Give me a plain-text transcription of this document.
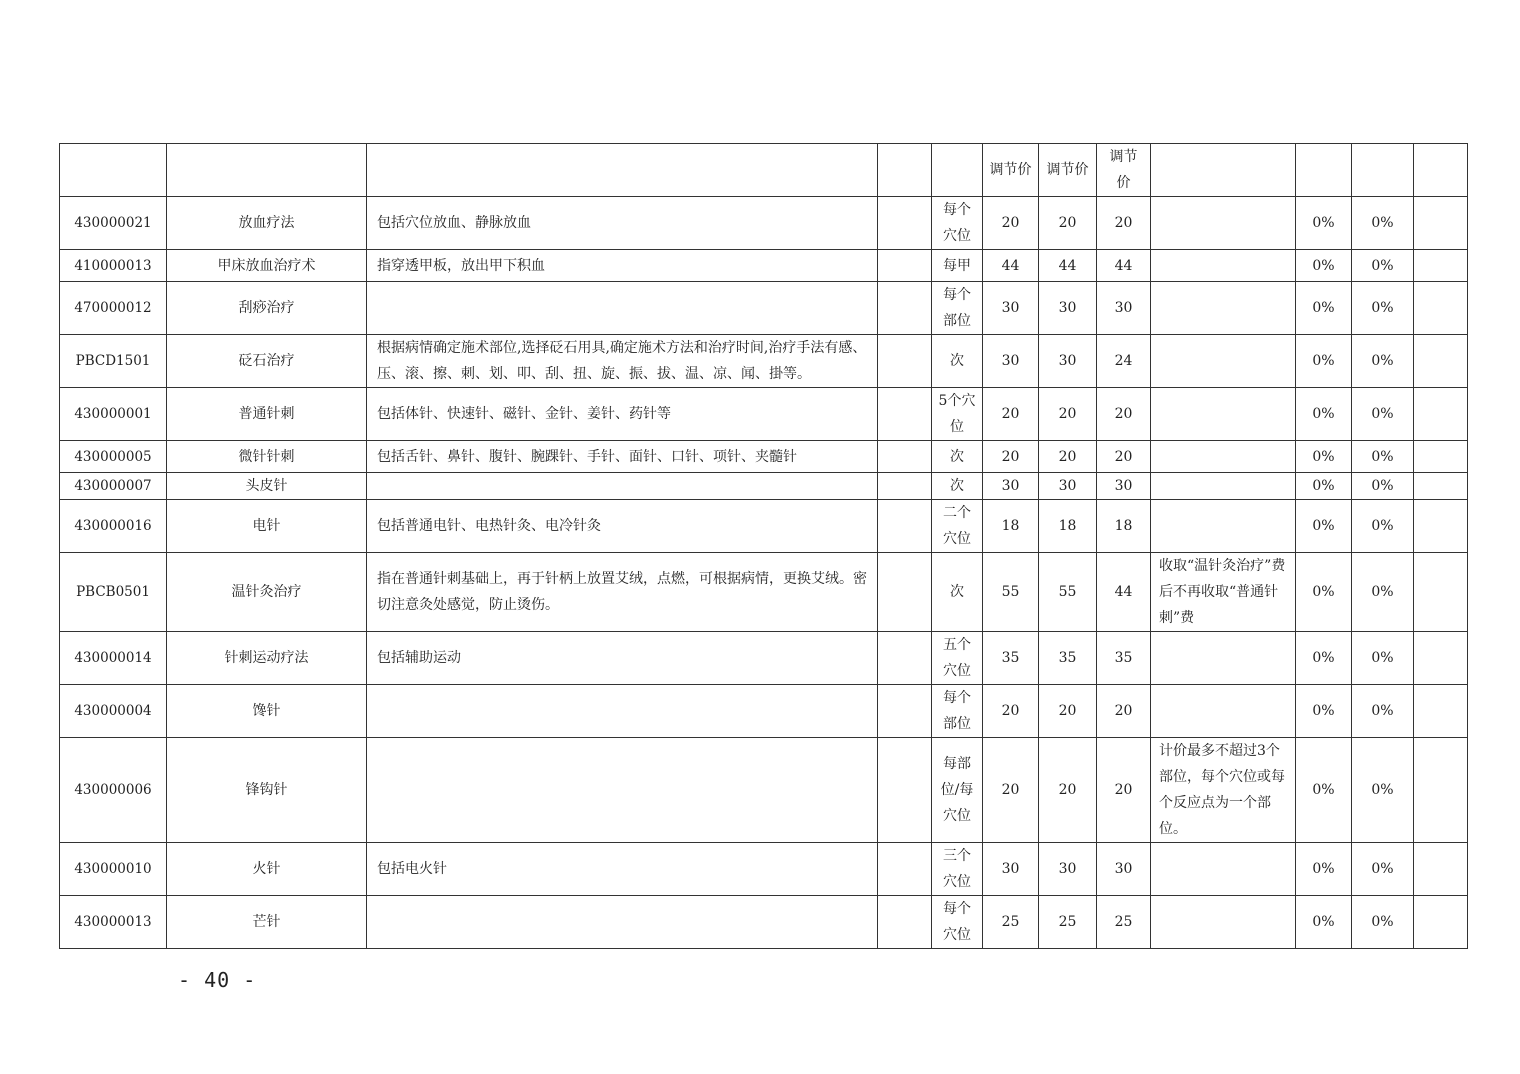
					调节价	调节价	调节价				
430000021	放血疗法	包括穴位放血、静脉放血		每个穴位	20	20	20		0%	0%	
410000013	甲床放血治疗术	指穿透甲板，放出甲下积血		每甲	44	44	44		0%	0%	
470000012	刮痧治疗			每个部位	30	30	30		0%	0%	
PBCD1501	砭石治疗	根据病情确定施术部位,选择砭石用具,确定施术方法和治疗时间,治疗手法有感、压、滚、擦、刺、划、叩、刮、扭、旋、振、拔、温、凉、闻、掛等。		次	30	30	24		0%	0%	
430000001	普通针刺	包括体针、快速针、磁针、金针、姜针、药针等		5个穴位	20	20	20		0%	0%	
430000005	微针针刺	包括舌针、鼻针、腹针、腕踝针、手针、面针、口针、项针、夹髓针		次	20	20	20		0%	0%	
430000007	头皮针			次	30	30	30		0%	0%	
430000016	电针	包括普通电针、电热针灸、电冷针灸		二个穴位	18	18	18		0%	0%	
PBCB0501	温针灸治疗	指在普通针刺基础上，再于针柄上放置艾绒，点燃，可根据病情，更换艾绒。密切注意灸处感觉，防止烫伤。		次	55	55	44	收取“温针灸治疗”费后不再收取“普通针刺”费	0%	0%	
430000014	针刺运动疗法	包括辅助运动		五个穴位	35	35	35		0%	0%	
430000004	馋针			每个部位	20	20	20		0%	0%	
430000006	锋钩针			每部位/每穴位	20	20	20	计价最多不超过3个部位，每个穴位或每个反应点为一个部位。	0%	0%	
430000010	火针	包括电火针		三个穴位	30	30	30		0%	0%	
430000013	芒针			每个穴位	25	25	25		0%	0%	
- 40 -
